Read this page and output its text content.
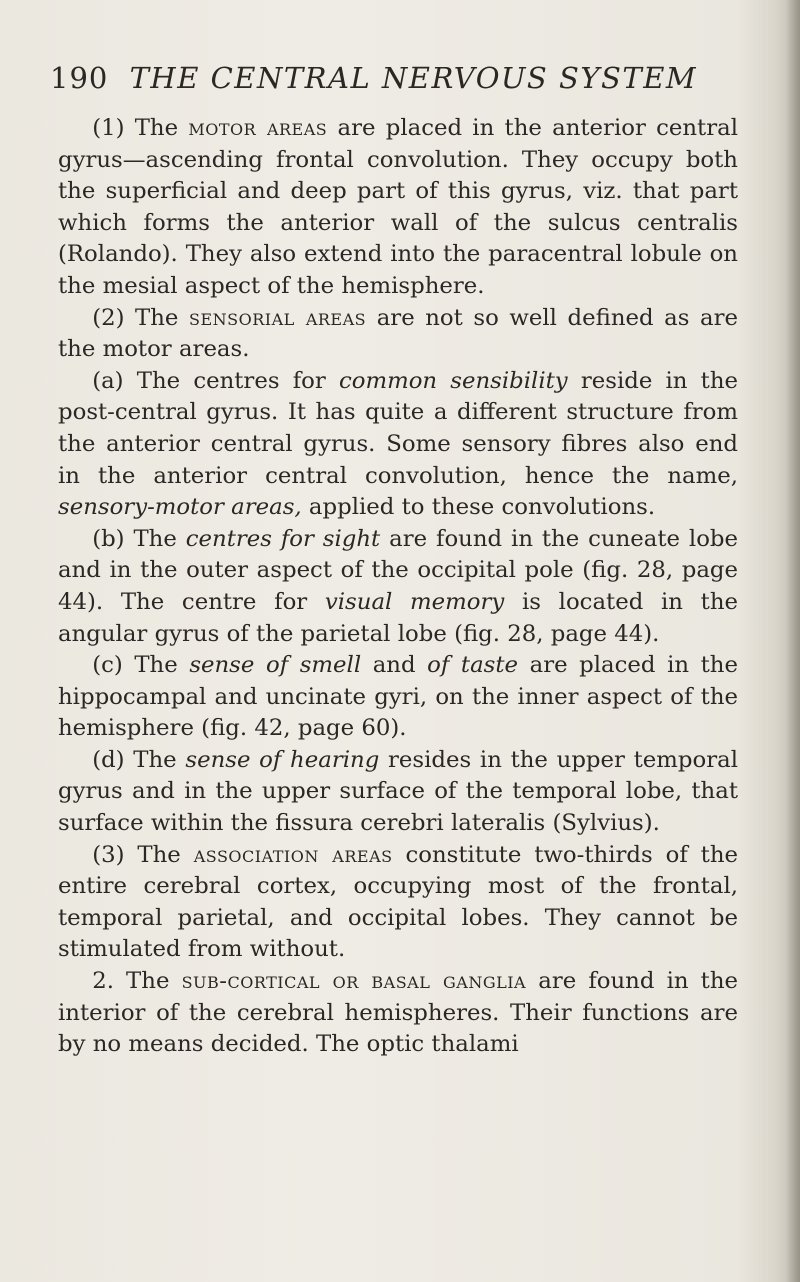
190 THE CENTRAL NERVOUS SYSTEM

(1) The motor areas are placed in the anterior central gyrus—ascending frontal convolution. They occupy both the superficial and deep part of this gyrus, viz. that part which forms the anterior wall of the sulcus centralis (Rolando). They also extend into the paracentral lobule on the mesial aspect of the hemisphere.

(2) The sensorial areas are not so well defined as are the motor areas.

(a) The centres for common sensibility reside in the post-central gyrus. It has quite a different structure from the anterior central gyrus. Some sensory fibres also end in the anterior central convolution, hence the name, sensory-motor areas, applied to these convolutions.

(b) The centres for sight are found in the cuneate lobe and in the outer aspect of the occipital pole (fig. 28, page 44). The centre for visual memory is located in the angular gyrus of the parietal lobe (fig. 28, page 44).

(c) The sense of smell and of taste are placed in the hippocampal and uncinate gyri, on the inner aspect of the hemisphere (fig. 42, page 60).

(d) The sense of hearing resides in the upper temporal gyrus and in the upper surface of the temporal lobe, that surface within the fissura cerebri lateralis (Sylvius).

(3) The association areas constitute two-thirds of the entire cerebral cortex, occupying most of the frontal, temporal parietal, and occipital lobes. They cannot be stimulated from without.

2. The sub-cortical or basal ganglia are found in the interior of the cerebral hemispheres. Their functions are by no means decided. The optic thalami
